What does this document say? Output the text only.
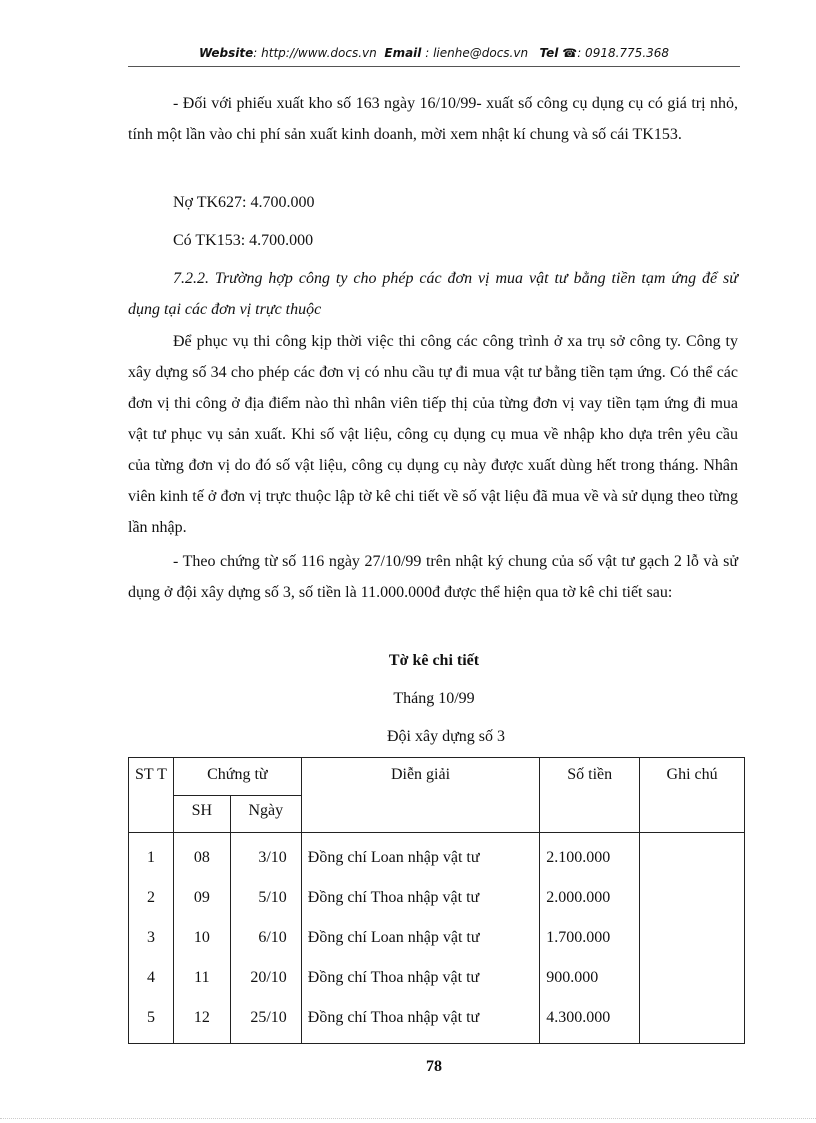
Website: http://www.docs.vn Email : lienhe@docs.vn Tel ☎: 0918.775.368

- Đối với phiếu xuất kho số 163 ngày 16/10/99- xuất số công cụ dụng cụ có giá trị nhỏ, tính một lần vào chi phí sản xuất kinh doanh, mời xem nhật kí chung và số cái TK153.

Nợ TK627: 4.700.000

Có TK153: 4.700.000

7.2.2. Trường hợp công ty cho phép các đơn vị mua vật tư bằng tiền tạm ứng để sử dụng tại các đơn vị trực thuộc

Để phục vụ thi công kịp thời việc thi công các công trình ở xa trụ sở công ty. Công ty xây dựng số 34 cho phép các đơn vị có nhu cầu tự đi mua vật tư bằng tiền tạm ứng. Có thể các đơn vị thi công ở địa điểm nào thì nhân viên tiếp thị của từng đơn vị vay tiền tạm ứng đi mua vật tư phục vụ sản xuất. Khi số vật liệu, công cụ dụng cụ mua về nhập kho dựa trên yêu cầu của từng đơn vị do đó số vật liệu, công cụ dụng cụ này được xuất dùng hết trong tháng. Nhân viên kinh tế ở đơn vị trực thuộc lập tờ kê chi tiết về số vật liệu đã mua về và sử dụng theo từng lần nhập.

- Theo chứng từ số 116 ngày 27/10/99 trên nhật ký chung của số vật tư gạch 2 lỗ và sử dụng ở đội xây dựng số 3, số tiền là 11.000.000đ được thể hiện qua tờ kê chi tiết sau:

Tờ kê chi tiết
Tháng 10/99
Đội xây dựng số 3
ST T	Chứng từ		Diễn giải	Số tiền	Ghi chú
	SH	Ngày			
1	08	3/10	Đồng chí Loan nhập vật tư	2.100.000	
2	09	5/10	Đồng chí Thoa nhập vật tư	2.000.000	
3	10	6/10	Đồng chí Loan nhập vật tư	1.700.000	
4	11	20/10	Đồng chí Thoa nhập vật tư	900.000	
5	12	25/10	Đồng chí Thoa nhập vật tư	4.300.000	
78
